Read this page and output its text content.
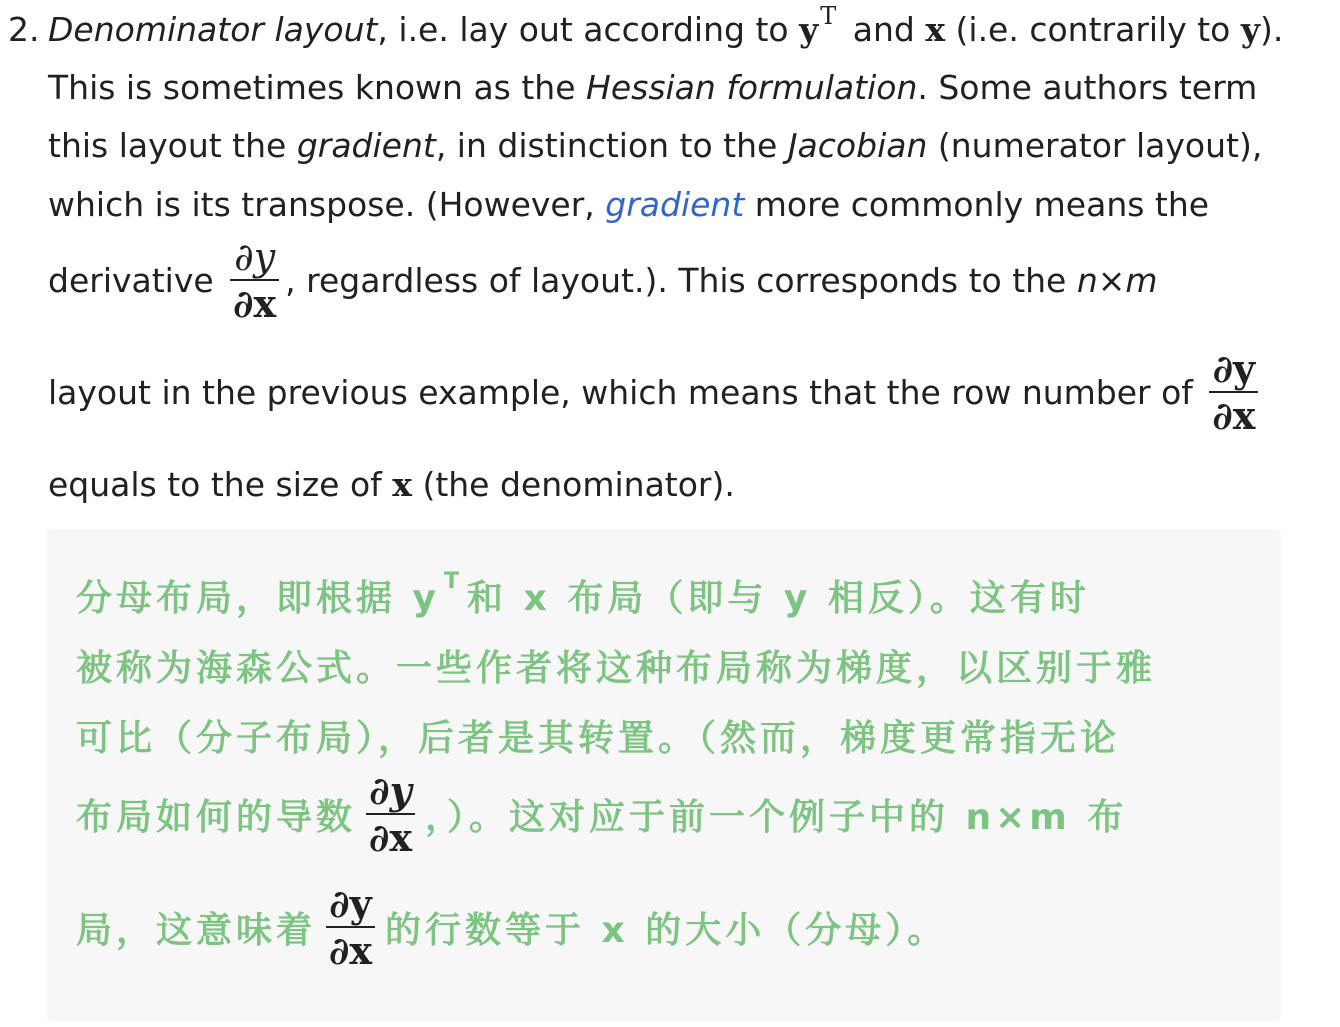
2. Denominator layout , i.e. lay out according to y T and x (i.e. contrarily to y ).
This is sometimes known as the Hessian formulation . Some authors term
this layout the gradient , in distinction to the Jacobian (numerator layout),
which is its transpose. (However, gradient more commonly means the
derivative $\frac{\partial y}{\partial x}$ , regardless of layout.). This corresponds to the n×m
layout in the previous example, which means that the row number of $\frac{\partial y}{\partial x}$
equals to the size of x (the denominator).
分母布局，即根据 y T 和 x 布局（即与 y 相反）。这有时
被称为海森公式。一些作者将这种布局称为梯度，以区别于雅
可比（分子布局），后者是其转置。（然而，梯度更常指无论
布局如何的导数 $\frac{\partial y}{\partial x}$ ，）。这对应于前一个例子中的 n×m 布
局，这意味着 $\frac{\partial y}{\partial x}$ 的行数等于 x 的大小（分母）。
